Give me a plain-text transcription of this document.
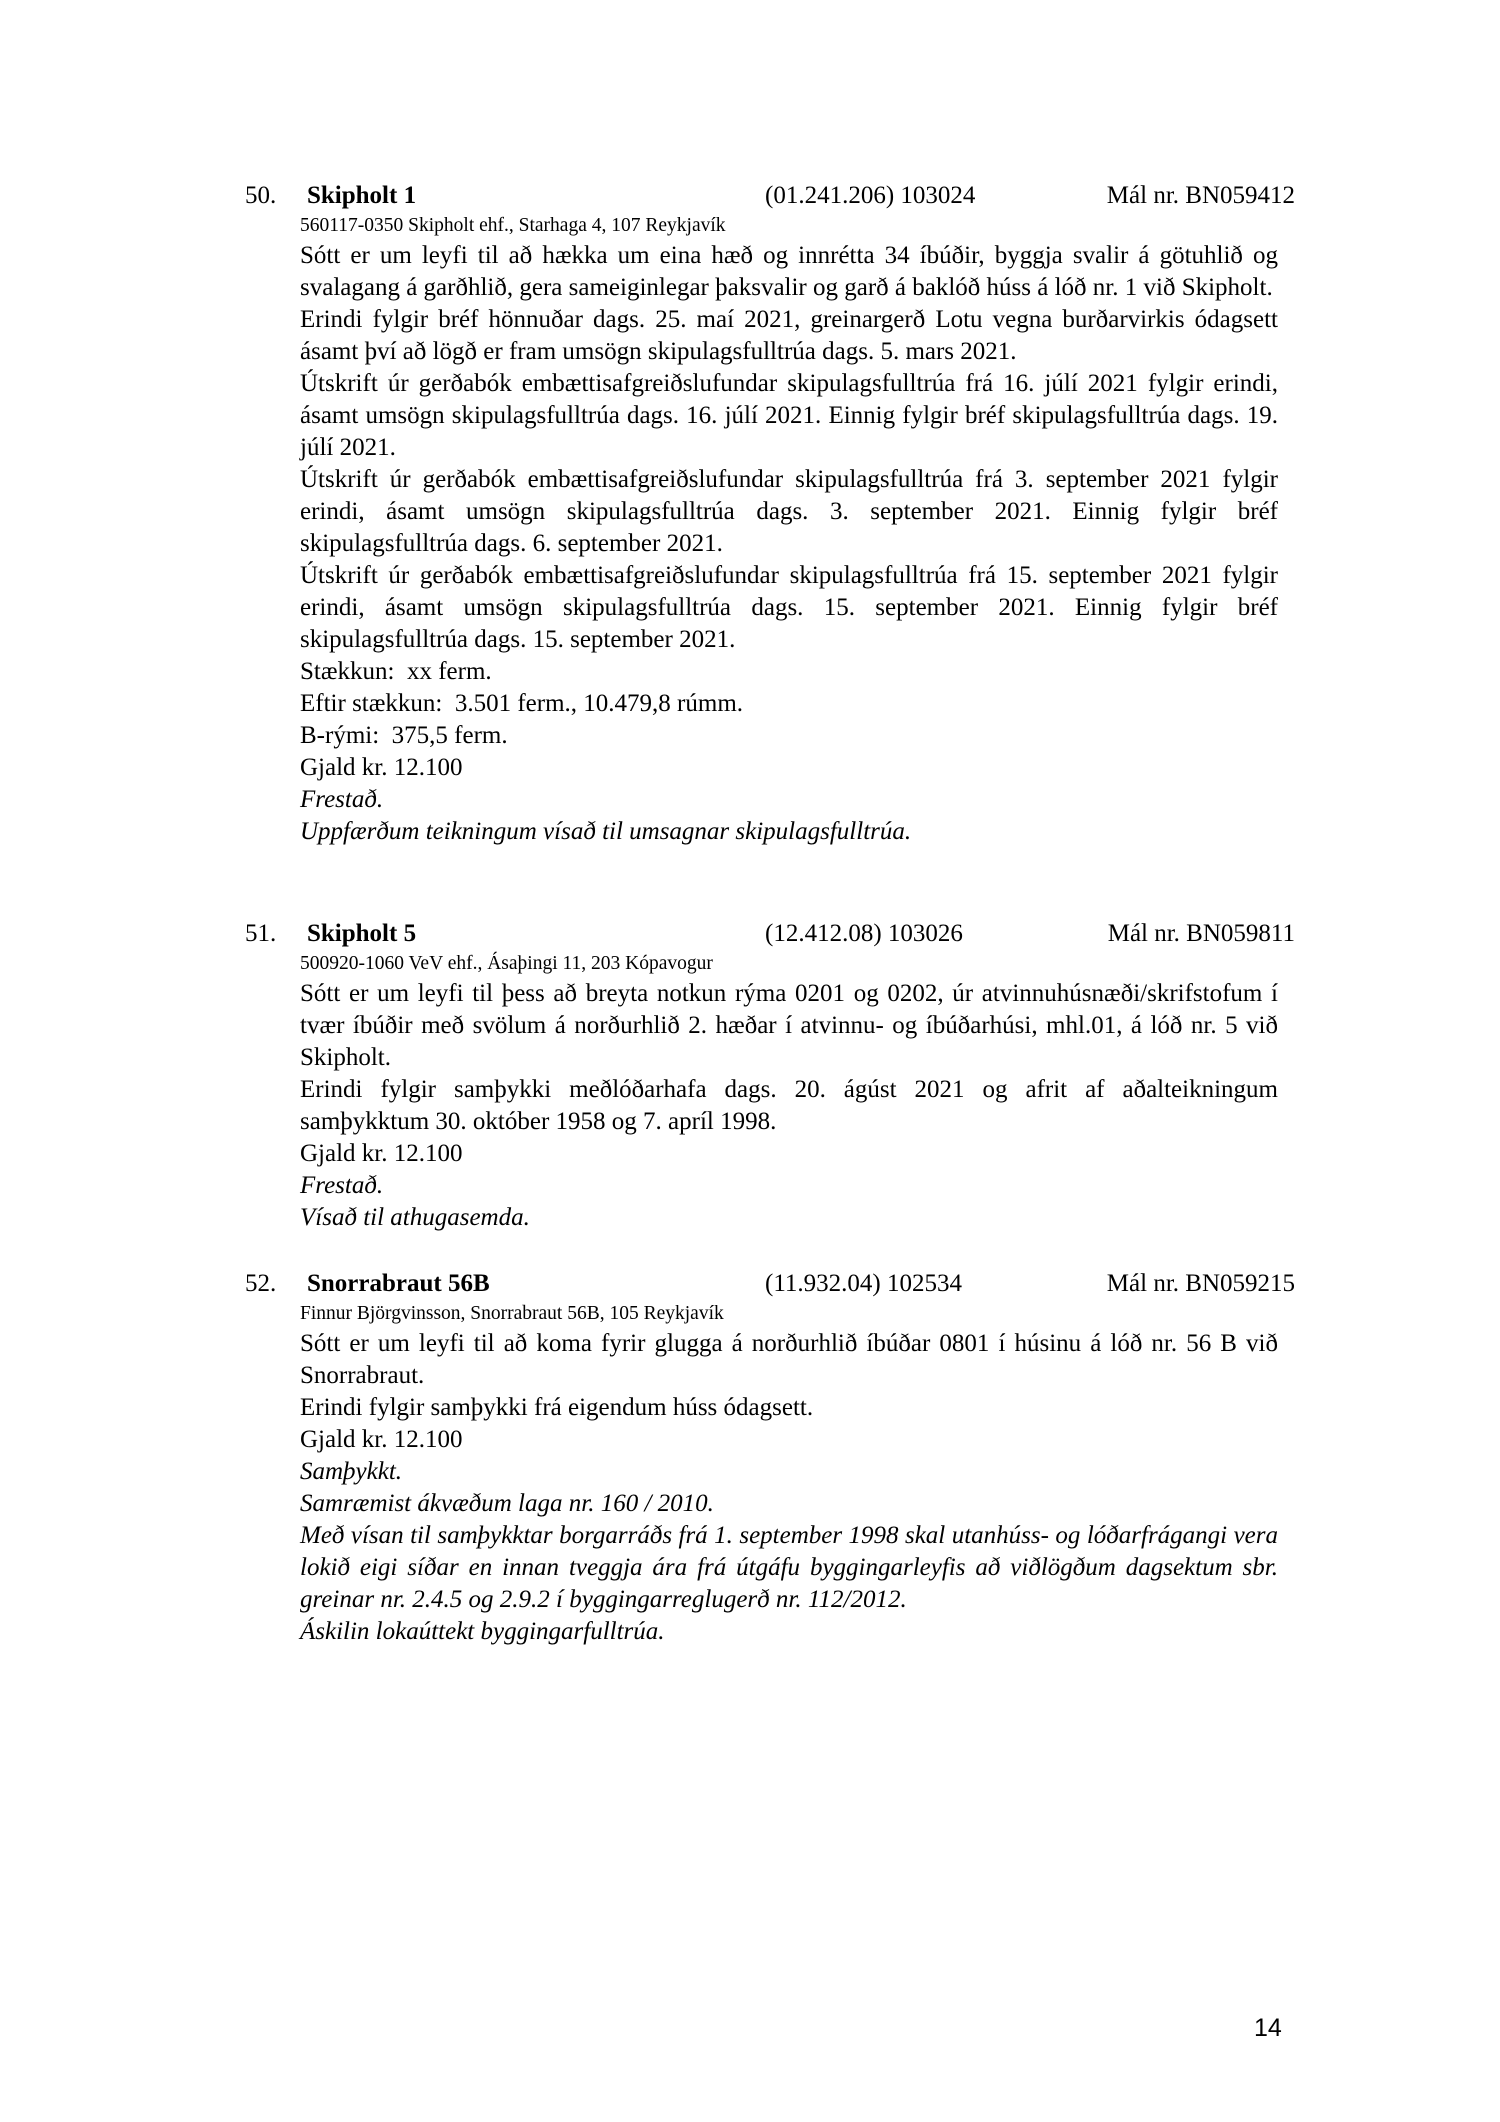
50. Skipholt 1	(01.241.206) 103024	Mál nr. BN059412
560117-0350 Skipholt ehf., Starhaga 4, 107 Reykjavík

Sótt er um leyfi til að hækka um eina hæð og innrétta 34 íbúðir, byggja svalir á götuhlið og svalagang á garðhlið, gera sameiginlegar þaksvalir og garð á baklóð húss á lóð nr. 1 við Skipholt.

Erindi fylgir bréf hönnuðar dags. 25. maí 2021, greinargerð Lotu vegna burðarvirkis ódagsett ásamt því að lögð er fram umsögn skipulagsfulltrúa dags. 5. mars 2021.

Útskrift úr gerðabók embættisafgreiðslufundar skipulagsfulltrúa frá 16. júlí 2021 fylgir erindi, ásamt umsögn skipulagsfulltrúa dags. 16. júlí 2021. Einnig fylgir bréf skipulagsfulltrúa dags. 19. júlí 2021.

Útskrift úr gerðabók embættisafgreiðslufundar skipulagsfulltrúa frá 3. september 2021 fylgir erindi, ásamt umsögn skipulagsfulltrúa dags. 3. september 2021. Einnig fylgir bréf skipulagsfulltrúa dags. 6. september 2021.

Útskrift úr gerðabók embættisafgreiðslufundar skipulagsfulltrúa frá 15. september 2021 fylgir erindi, ásamt umsögn skipulagsfulltrúa dags. 15. september 2021. Einnig fylgir bréf skipulagsfulltrúa dags. 15. september 2021.

Stækkun:  xx ferm.

Eftir stækkun:  3.501 ferm., 10.479,8 rúmm.

B-rými:  375,5 ferm.

Gjald kr. 12.100

Frestað.

Uppfærðum teikningum vísað til umsagnar skipulagsfulltrúa.

51. Skipholt 5	(12.412.08) 103026	Mál nr. BN059811
500920-1060 VeV ehf., Ásaþingi 11, 203 Kópavogur

Sótt er um leyfi til þess að breyta notkun rýma 0201 og 0202, úr atvinnuhúsnæði/skrifstofum í tvær íbúðir með svölum á norðurhlið 2. hæðar í atvinnu- og íbúðarhúsi, mhl.01, á lóð nr. 5 við Skipholt.

Erindi fylgir samþykki meðlóðarhafa dags. 20. ágúst 2021 og afrit af aðalteikningum samþykktum 30. október 1958 og 7. apríl 1998.

Gjald kr. 12.100

Frestað.

Vísað til athugasemda.

52. Snorrabraut 56B	(11.932.04) 102534	Mál nr. BN059215
Finnur Björgvinsson, Snorrabraut 56B, 105 Reykjavík

Sótt er um leyfi til að koma fyrir glugga á norðurhlið íbúðar 0801 í húsinu á lóð nr. 56 B við Snorrabraut.

Erindi fylgir samþykki frá eigendum húss ódagsett.

Gjald kr. 12.100

Samþykkt.

Samræmist ákvæðum laga nr. 160 / 2010.

Með vísan til samþykktar borgarráðs frá 1. september 1998 skal utanhúss- og lóðarfrágangi vera lokið eigi síðar en innan tveggja ára frá útgáfu byggingarleyfis að viðlögðum dagsektum sbr. greinar nr. 2.4.5 og 2.9.2 í byggingarreglugerð nr. 112/2012.

Áskilin lokaúttekt byggingarfulltrúa.

14
